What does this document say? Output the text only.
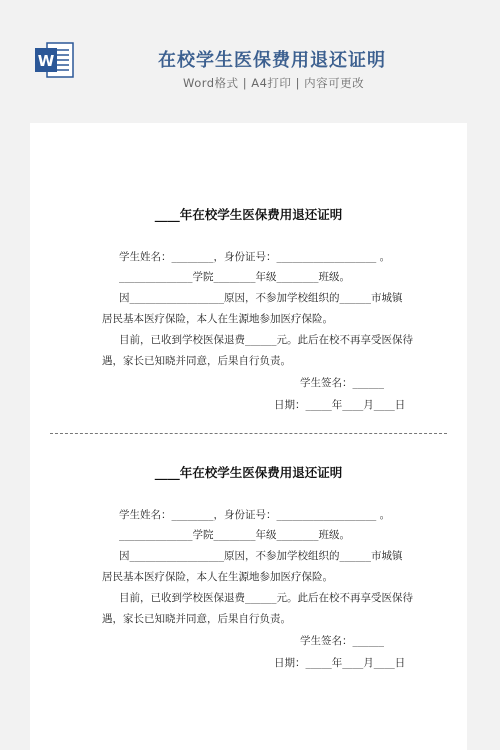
W	在校学生医保费用退还证明
Word格式 | A4打印 | 内容可更改
____年在校学生医保费用退还证明
学生姓名：________，身份证号：___________________ 。
______________学院________年级________班级。
因__________________原因，不参加学校组织的______市城镇
居民基本医疗保险，本人在生源地参加医疗保险。
目前，已收到学校医保退费______元。此后在校不再享受医保待
遇，家长已知晓并同意，后果自行负责。
学生签名：______
日期：_____年____月____日
____年在校学生医保费用退还证明
学生姓名：________，身份证号：___________________ 。
______________学院________年级________班级。
因__________________原因，不参加学校组织的______市城镇
居民基本医疗保险，本人在生源地参加医疗保险。
目前，已收到学校医保退费______元。此后在校不再享受医保待
遇，家长已知晓并同意，后果自行负责。
学生签名：______
日期：_____年____月____日
